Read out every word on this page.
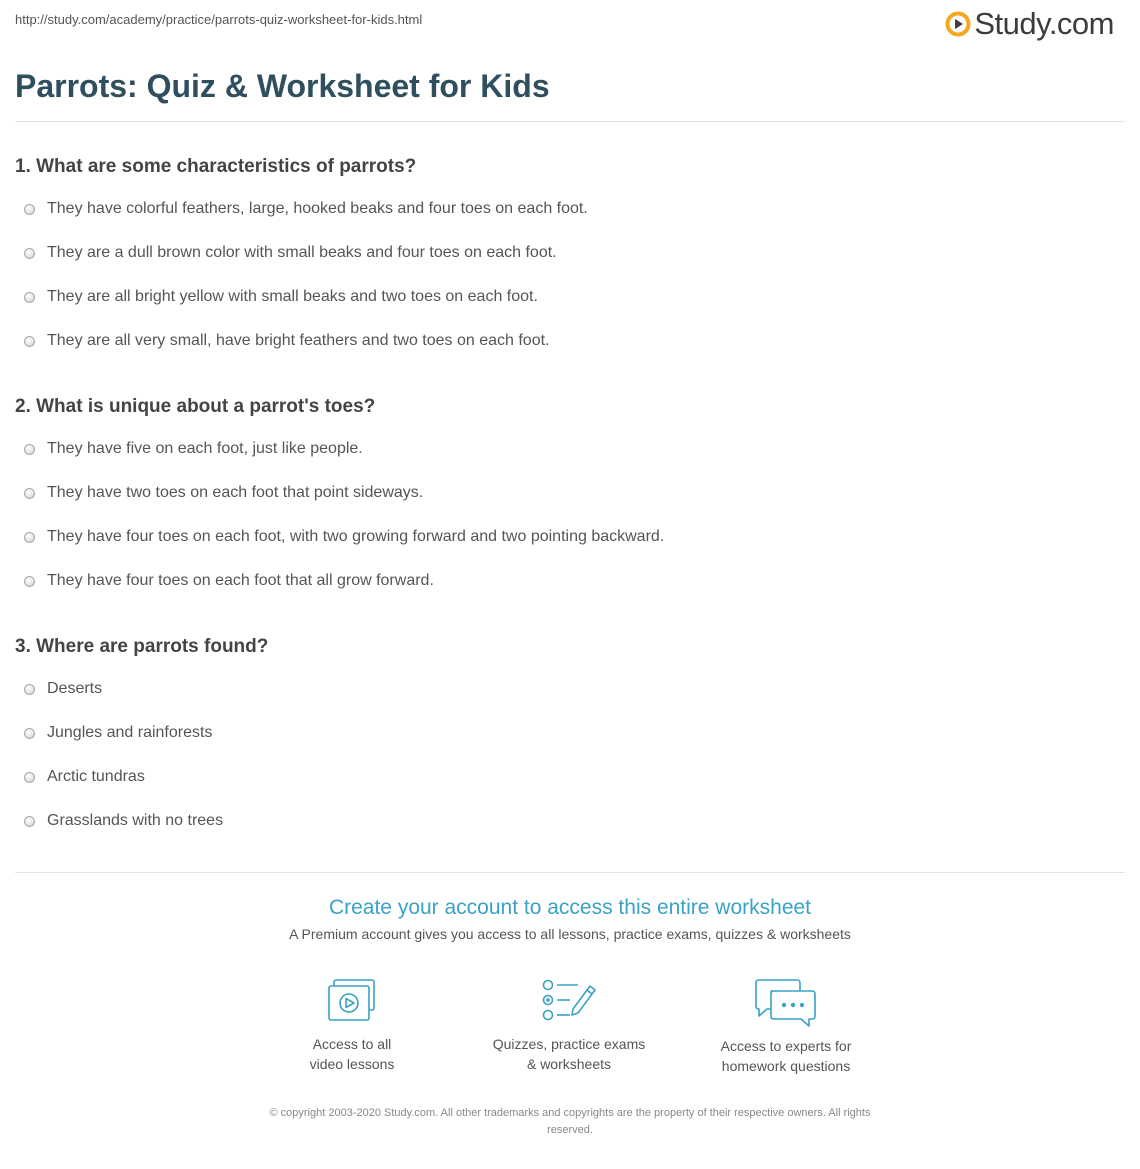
http://study.com/academy/practice/parrots-quiz-worksheet-for-kids.html	Study.com
Parrots: Quiz & Worksheet for Kids
1. What are some characteristics of parrots?
They have colorful feathers, large, hooked beaks and four toes on each foot.
They are a dull brown color with small beaks and four toes on each foot.
They are all bright yellow with small beaks and two toes on each foot.
They are all very small, have bright feathers and two toes on each foot.
2. What is unique about a parrot's toes?
They have five on each foot, just like people.
They have two toes on each foot that point sideways.
They have four toes on each foot, with two growing forward and two pointing backward.
They have four toes on each foot that all grow forward.
3. Where are parrots found?
Deserts
Jungles and rainforests
Arctic tundras
Grasslands with no trees
Create your account to access this entire worksheet
A Premium account gives you access to all lessons, practice exams, quizzes & worksheets
Access to all
video lessons
Quizzes, practice exams
& worksheets
Access to experts for
homework questions
© copyright 2003-2020 Study.com. All other trademarks and copyrights are the property of their respective owners. All rights
reserved.
